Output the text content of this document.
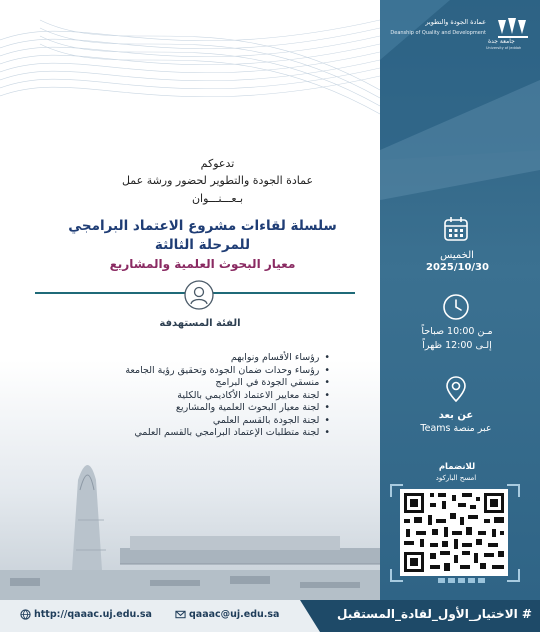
عمادة الجودة والتطوير
Deanship of Quality and Development
جامعة جدة
University of Jeddah
الخميس
2025/10/30
مـن 10:00 صباحاً
إلـى 12:00 ظهراً
عن بعد
عبر منصة Teams
للانضمام
امسح الباركود
تدعوكم
عمادة الجودة والتطوير لحضور ورشة عمل
بـعـــنـــوان
سلسلة لقاءات مشروع الاعتماد البرامجي
للمرحلة الثالثة
معيار البحوث العلمية والمشاريع
الفئة المستهدفة
• رؤساء الأقسام ونوابهم
• رؤساء وحدات ضمان الجودة وتحقيق رؤية الجامعة
• منسقي الجودة في البرامج
• لجنة معايير الاعتماد الأكاديمي بالكلية
• لجنة معيار البحوث العلمية والمشاريع
• لجنة الجودة بالقسم العلمي
• لجنة متطلبات الإعتماد البرامجي بالقسم العلمي
http://qaaac.uj.edu.sa	qaaac@uj.edu.sa	# الاختيار_الأول_لقادة_المستقبل
